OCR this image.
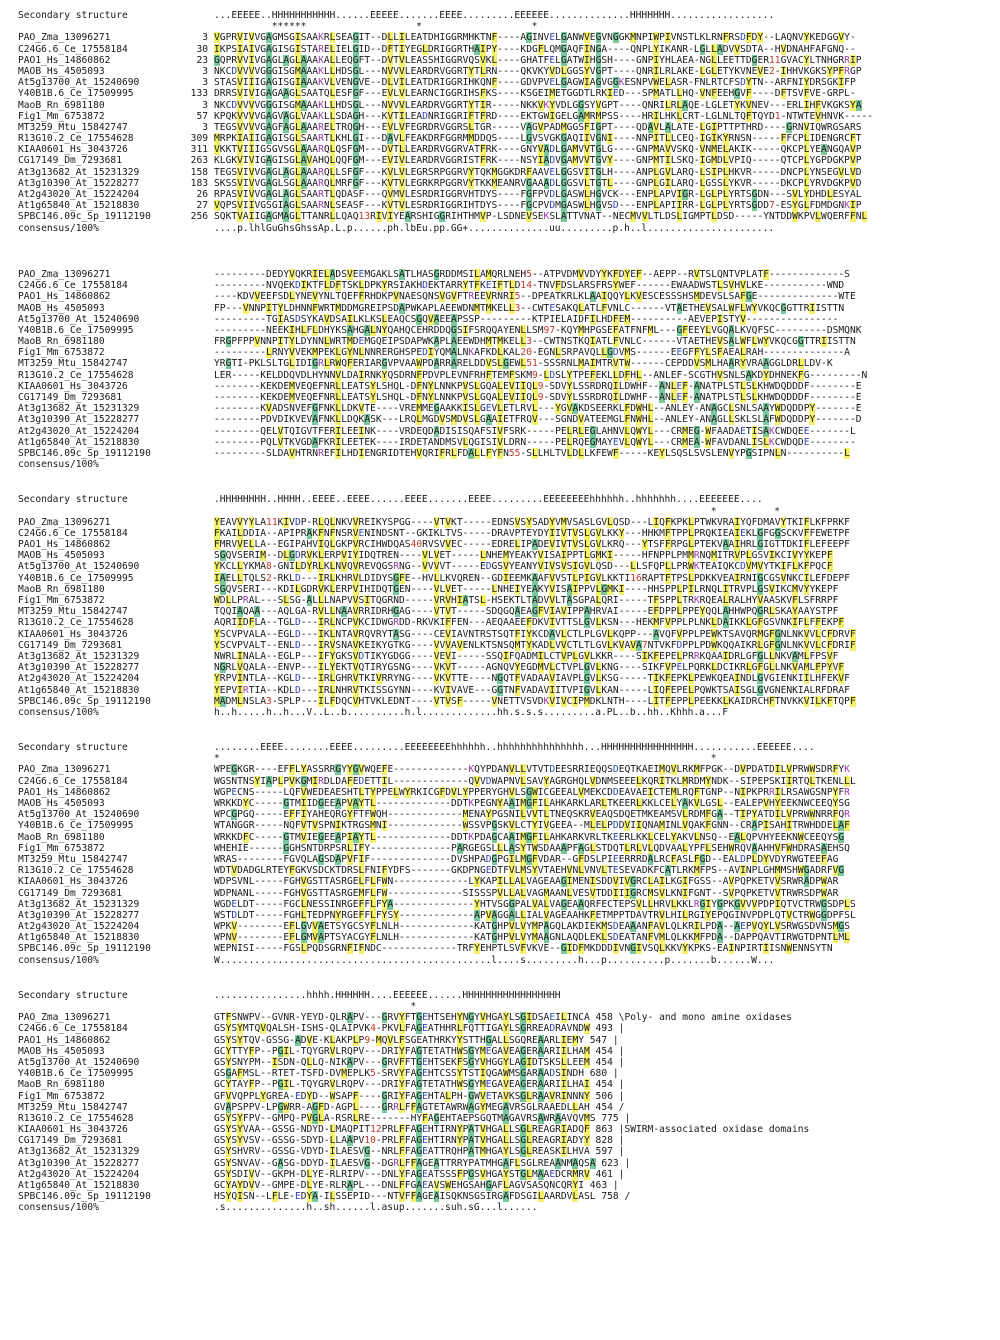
Secondary structure	...EEEEE..HHHHHHHHHHH......EEEEE.......EEEE.........EEEEEE..............HHHHHHH..................
******                   *                   *
PAO_Zma_13096271	3 VGPRVIVVGAGMSGISAAKRLSEAGIT--DLLILEATDHIGGRMHKTNF----AGINVELGANWVEGVNGGKMNPIWPIVNSTLKLRNFRSDFDY--LAQNVYKEDGGVY-
C24G6.6_Ce_17558184	30 IKPSIAIVGAGISGISTARELIELGID--DFTIYEGLDRIGGRTHAIPY----KDGFLQMGAQFINGA----QNPLYIKANR-LGLLADVVSDTA--HVDNAHFAFGNQ--
PAO1_Hs_14860862	23 GQPRVVIVGAGLAGLAAAKALLEQGFT--DVTVLEASSHIGGRVQSVKL----GHATFELGATWIHGSH----GNPIYHLAEA-NGLLEETTDGER11GVACYLTNHGRRIP
MAOB_Hs_4505093	3 NKCDVVVVGGGISGMAAAKLLHDSGL---NVVVLEARDRVGGRTYTLRN----QKVKYVDLGGSYVGPT----QNRILRLAKE-LGLETYKVNEVE2-IHHVKGKSYPFRGP
At5g13700_At_15240690	3 STASVIIIGAGISGIAAAKVLVENGVE--DLVILEATDRIGGRIHKQNF----GDVPVELGAGWIAGVGGKESNPVWELASR-FNLRTCFSDYTN--ARFNIYDRSGKIFP
Y40B1B.6_Ce_17509995	133 DRRSVIVIGAGAAGLSAATQLESFGF---EVLVLEARNCIGGRIHSFKS----KSGEIMETGGDTLRKIED---SPMATLLHQ-VNFEEHGVF----DFTSVFVE-GRPL-
MaoB_Rn_6981180	3 NKCDVVVVGGGISGMAAAKLLHDSGL---NVVVLEARDRVGGRTYTIR-----NKKVKYVDLGGSYVGPT----QNRILRLAQE-LGLETYKVNEV---ERLIHFVKGKSYA
Fig1_Mm_6753872	57 KPQKVVVVGAGVAGLVAAKLLSDAGH---KVTILEADNRIGGRIFTFRD----EKTGWIGELGAMRMPSS----HRILHKLCRT-LGLNLTQFTQYD1-NTWTEVHNVK-----
MT3259_Mtu_15842747	3 TEGSVVVVGAGFAGLAAARELTRQGH---EVLVFEGRDRVGGRSLTGR-----VAGVPADMGGSFIGPT----QDAVLALATE-LGIPTTPTHRD----GRNVIQWRGSARS
R13G10.2_Ce_17554628	309 MRPKIAIIGAGISGLSAARTLKHLGI---DAVLFEAKDRFGGRMMDDQS----LGVSVGKGAQIIVGNI----NNPITLLCEQ-IGIKYRNSN-----FFCPLIDENGRCFT
KIAA0601_Hs_3043726	311 VKKTVIIIGSGVSGLAAARQLQSFGM---DVTLLEARDRVGGRVATFRK----GNYVADLGAMVVTGLG----GNPMAVVSKQ-VNMELAKIK-----QKCPLYEANGQAVP
CG17149_Dm_7293681	263 KLGKVIVIGAGISGLAVAHQLQQFGM---EVIVLEARDRVGGRISTFRK----NSYIADVGAMVVTGVY----GNPMTILSKQ-IGMDLVPIQ-----QTCPLYGPDGKPVP
At3g13682_At_15231329	158 TEGSVIVVGAGLAGLAAARQLLSFGF---KVLVLEGRSRPGGRVYTQKMGGKDRFAAVELGGSVITGLH----ANPLGVLARQ-LSIPLHKVR-----DNCPLYNSEGVLVD
At3g10390_At_15228277	183 SKSSVIVVGAGLSGLAAARQLMRFGF---KVTVLEGRKRPGGRVYTKKMEANRVGAAADLGGSVLTGTL----GNPLGILARQ-LGSSLYKVR-----DKCPLYRVDGKPVD
At2g43020_At_15224204	26 RPASVIVVGAGLAGLSAARTLQDASF---QVMVLESRDRIGGRVHTDYS----FGFPVDLGASWLHGVCK---ENPLAPVIGR-LGLPLYRTSGDN---SVLYDHDLESYAL
At1g65840_At_15218830	27 VQPSVIIVGSGIAGLSAARNLSEASF---KVTVLESRDRIGGRIHTDYS----FGCPVDMGASWLHGVSD---ENPLAPIIRR-LGLPLYRTSGDD7-ESYGLFDMDGNKIP
SPBC146.09c_Sp_19112190	256 SQKTVAIIGAGMAGLTTANRLLQAQ13RIVIYEARSHIGGRIHTHMVP-LSDNEVSEKSLATTVNAT--NECMVVLTLDSLIGMPTLDSD-----YNTDDWKPVLWQERFFNL
consensus/100%	....p.lhlGuGhsGhssAp.L.p......ph.lbEu.pp.GG+..............uu.........p.h..l......................
PAO_Zma_13096271	---------DEDYVQKRIELADSVEEMGAKLSATLHASGRDDMSILAMQRLNEH5--ATPVDMVVDYYKFDYEF--AEPP--RVTSLQNTVPLATF-------------S
C24G6.6_Ce_17558184	---------NVQEKDIKTFLDFTSKLDPKYRSIAKHDEKTARRYTFKEIFTLD14-TNVFDSLARSFRSYWEF------EWAADWSTLSVHVLKE-----------WND
PAO1_Hs_14860862	----KDVVEEFSDLYNEVYNLTQEFFRHDKPVNAESQNSVGVFTREEVRNRI5--DPEATKRLKLAAIQQYLKVESCESSSHSMDEVSLSAFGE--------------WTE
MAOB_Hs_4505093	FP---VNNPITYLDHNNFWRTMDDMGREIPSDAPWKAPLAEEWDNMTMKELL3--CWTESAKQLATLFVNLC------VTAETHEVSALWFLWYVKQCGGTTRIISTTN
At5g13700_At_15240690	---------TGIASDSYKAVDSAILKLKSLEAQCSGQVAEEAPSSP---------KTPIELAIDFILHDFEM----------AEVEPISTYV----------------
Y40B1B.6_Ce_17509995	---------NEEKIHLFLDHYKSAHGALNYQAHQCEHRDDQGSIFSRQQAYENLLSM97-KQYMHPGSEFATFNFML---GFEEYLVGQALKVQFSC---------DSMQNK
MaoB_Rn_6981180	FRGPFPPVNNPITYLDYNNLWRTMDEMGQEIPSDAPWKAPLAEEWDHMTMKELL3--CWTNSTKQIATLFVNLC------VTAETHEVSALWFLWYVKQCGGTTRIISTTN
Fig1_Mm_6753872	---------LRNYVVEKMPEKLGYNLNNRERGHSPEDIYQMALNKAFKDLKAL20-EGNLSRPAVQLLGDVMS------EEGFFYLSFAEALRAH--------------A
MT3259_Mtu_15842747	YRGTI-PKLSLTGLIDIGRLRWQFERIARGVPVAAWPDARRARELDDVSLGEWL51-SSSRNLMAIMTRVTW------CEPDDVSMLHAARYVRAAGGLDRLLDV-K
R13G10.2_Ce_17554628	LER-----KELDDQVDLHYNNVLDAIRNKYQSDRNFPDVPLEVNFRHFTEMFSKM9-LDSLYTPEFEKLLDFHL--ANLEF-SCGTHVSNLSAKDYDHNEKFG---------N
KIAA0601_Hs_3043726	--------KEKDEMVEQEFNRLLEATSYLSHQL-DFNYLNNKPVSLGQALEVIIQL9-SDVYLSSRDRQILDWHF--ANLEF-ANATPLSTLSLKHWDQDDDF--------E
CG17149_Dm_7293681	--------KEKDEMVEQEFNRLLEATSYLSHQL-DFNYLNNKPVSLGQALEVIIQL9-SDVYLSSRDRQILDWHF--ANLEF-ANATPLSTLSLKHWDQDDDF--------E
At3g13682_At_15231329	--------KVADSNVEFGFNKLLDKVTE----VREMMEGAAKKISLGEVLETLRVL---YGVAKDSEERKLFDWHL--ANLEY-ANAGCLSNLSAAYWDQDDPY-------E
At3g10390_At_15228277	--------PDVDIKVEVAFNKLLDQKASK---LRQLMGDVSMDVSLGAAIETFRQV---SGNDVATEEMGLFNWHL--ANLEY-ANAGLLSKLSLAFWDQDDPY-------D
At2g43020_At_15224204	--------QELVTQIGVTFERILEEINK----VRDEQDADISISQAFSIVFSRK-----PELRLEGLAHNVLQWYL---CRMEG-WFAADAETISAKCWDQEE-------L
At1g65840_At_15218830	--------PQLVTKVGDAFKRILEETEK----IRDETANDMSVLQGISIVLDRN-----PELRQEGMAYEVLQWYL---CRMEA-WFAVDANLISLKCWDQDE--------
SPBC146.09c_Sp_19112190	---------SLDAVHTRNREFILHDIENGRIDTEHVQRIFRLFDALLFYFN55-SLLHLTVLDLLKFEWF-----KEYLSQSLSVSLENVYPGSIPNLN----------L
consensus/100%
Secondary structure	.HHHHHHHH..HHHH..EEEE..EEEE......EEEE.......EEEE.........EEEEEEEEhhhhhh..hhhhhhh....EEEEEEE....
*          *
PAO_Zma_13096271	YEAVVYYLA11KIVDP-RLQLNKVVREIKYSPGG----VTVKT-----EDNSVSYSADYVMVSASLGVLQSD---LIQFKPKLPTWKVRAIYQFDMAVYTKIFLKFPRKF
C24G6.6_Ce_17558184	FKAILDDIA--APIPRAKFNFNSRVENINDSNT--GKIKLTVS-----DRAVPTEYDYIIVTVSLGVLKKY---HHKMFTPPLPRQKIEAIEKLGFGGSCKVFFEWETPF
PAO1_Hs_14860862	FMRVVELLA--EGIPAHVIQLGKPVRCIHWDQAS40RVSVVEC-----EDRELIPADEVIVTVSLGVLKRQ---YTSFFRPGLPTEKVAAIHRLGIGTTDKIFLEFEEPF
MAOB_Hs_4505093	SGQVSERIM--DLGDRVKLERPVIYIDQTREN----VLVET-----LNHEMYEAKYVISAIPPTLGMKI-----HFNPPLPMMRNQMITRVPLGSVIKCIVYYKEPF
At5g13700_At_15240690	YKCLLYKMA8-GNILDYRLKLNVQVREVQGSRNG--VVVVT-----EDGSVYEANYVIVSVSIGVLQSD---LLSFQPLLPRWKTEAIQKCDVMVYTKIFLKFPQCF
Y40B1B.6_Ce_17509995	IAELLTQLS2-RKLD---IRLKHRVLDIDYSGFE--HVLLKVQREN--GDIEEMKAAFVVSTLPIGVLKKTI16RAPTFTPSLPDKKVEAIRNIGCGSVNKCILEFDEPF
MaoB_Rn_6981180	SGQVSERI---KDILGDRVKLERPVIHIDQTGEN----VLVET-----LNHEIYEAKYVISAIPPVLGMKI----HHSPPLPILRNQLITRVPLGSVIKCMVYYKEPF
Fig1_Mm_6753872	WDLLPRAL---SLSG-ALLLNAPVVSITQGRND-----VRVHIATSL-HSEKTLTADVVLTASGPALQRI-----TFSPPLTRKRQEALRALHYVAASKVFLSFRRPF
MT3259_Mtu_15842747	TQQIAQAA---AQLGA-RVLLNAAVRRIDRHGAG----VTVT-----SDQGQAEAGFVIAVIPPAHRVAI-----EFDPPLPPEYQQLAHHWPQGRLSKAYAAYSTPF
R13G10.2_Ce_17554628	AQRIIDFLA--TGLD---IRLNCPVKCIDWGRDD-RKVKIFFEN---AEQAAEEFDKVIVTTSLGVLKSN---HEKMFVPPLPLNKLDAIKKLGFGSVNKIFLFFEKPF
KIAA0601_Hs_3043726	YSCVPVALA--EGLD---IKLNTAVRQVRYTASG----CEVIAVNTRSTSQTFIYKCDAVLCTLPLGVLKQPP---AVQFVPPLPEWKTSAVQRMGFGNLNKVVLCFDRVF
CG17149_Dm_7293681	YSCVPVALT--ENLD---IRVSNAVKEIKYGTKG----VVVAVENLKTSNSQMTYKADLVVCTLTLGVLKVAVA7NTVKFDPPLPDWKQQAIKRLGFGNLNKVVLCFDRIF
At3g13682_At_15231329	NWRLINALA--EGLP---IFYGKSVDTIKYGDGG----VEVI-----SSQIFQADMILCTVPLGVLKKR----SIKFEPELPRRKQAAIDRLGFGLLNKVAMLFPSVF
At3g10390_At_15228277	NGRLVQALA--ENVP---ILYEKTVQTIRYGSNG----VKVT-----AGNQVYEGDMVLCTVPLGVLKNG----SIKFVPELPQRKLDCIKRLGFGLLNKVAMLFPYVF
At2g43020_At_15224204	YRPVINTLA--KGLD---IRLGHRVTKIVRRYNG----VKVTTE----NGQTFVADAAVIAVPLGVLKSG-----TIKFEPKLPEWKQEAINDLGVGIENKIILHFEKVF
At1g65840_At_15218830	YEPVIRTIA--KDLD---IRLNHRVTKISSGYNN----KVIVAVE---GGTNFVADAVIITVPIGVLKAN-----LIQFEPELPQWKTSAISGLGVGNENKIALRFDRAF
SPBC146.09c_Sp_19112190	MADMLNSLA3-SPLP---ILFDQCVHTVKLEDNT----VTVSF-----VNETTVSVDKVIVCIPMDKLNTH----LITFEPPLPEEKKLKAIDRCHFTNVKKVILKFTQPF
consensus/100%	h..h.....h..h...V..L..b..........h.l.............hh.s.s.s.........a.PL..b..hh..Khhh.a...F
Secondary structure	........EEEE........EEEE.........EEEEEEEEhhhhhh..hhhhhhhhhhhhhhh...HHHHHHHHHHHHHHHH...........EEEEEE....
*                                                                                     *
PAO_Zma_13096271	WPEGKGR----EFFLYASSRRGYYGVWQEFE-------------KQYPDANVLLVTVTDEESRRIEQQSDEQTKAEIMQVLRKMFPGK--DVPDATDILVPRWWSDRFYK
C24G6.6_Ce_17558184	WGSNTNSYIAPLPVKGMIRDLDAFEDETTIL-------------QVVDWAPNVLSAVYAGRGHQLVDNMSEEELKQRITKLMRDMYNDK--SIPEPSKIIRTQLTKENLLL
PAO1_Hs_14860862	WGPECNS-----LQFVWEDEAESHTLTYPPELWYRKICGFDVLYPPERYGHVLSGWICGEEALVMEKCDDEAVAEICTEMLRQFTGNP--NIPKPRRILRSAWGSNPYFR
MAOB_Hs_4505093	WRKKDYC-----GTMIIDGEEAPVAYTL-------------DDTKPEGNYAAIMGFILAHKARKLARLTKEERLKKLCELYAKVLGSL--EALEPVHYEEKNWCEEQYSG
At5g13700_At_15240690	WPCGPGQ-----EFFIYAHEQRGYFTFWQH-------------MENAYPGSNILVVTLTNEQSKRVEAQSDQETMKEAMSVLRDMFGA--TIPYATDILVPRWWNRRFQR
Y40B1B.6_Ce_17509995	WTANGGR-----NQFVTVSPNIKTRGSMNI-------------WSSVPGSKVLCTYIVGEEA--MLELPDDVIIQNAMINLVQAKFGNN--CRAPISAHITRWHDDELAF
MaoB_Rn_6981180	WRKKDFC-----GTMVIEGEEAPIAYTL-------------DDTKPDAGCAAIMGFILAHKARKVRLTKEERLKKLCELYAKVLNSQ--EALQPVHYEEKNWCEEQYSG
Fig1_Mm_6753872	WHEHIE------GGHSNTDRPSRLIFY--------------PARGEGSLLLASYTWSDAAAPFAGLSTDQTLRLVLQDVAALYPFLSEHWRQVAAHHVFWHDRASAEHSQ
MT3259_Mtu_15842747	WRAS--------FGVQLAGSDAPVFIF--------------DVSHPADGPGILMGFVDAR--GFDSLPIEERRRDALRCFASLFGD--EALDPLDYVDYRWGTEEFAG
R13G10.2_Ce_17554628	WDTVDADGLRTEYFGKVSDCKTDRSLFNIFYDFS-------GKDPNGEDTFVLMSYVTAEHVNLVNVLTESEVADKFCATLRKMFPS--AVINPLGHMMSHWGADRFVG
KIAA0601_Hs_3043726	WDPSVNL-----FGHVGSTTASRGELFLFWN-------------LYKAPILLALVAGEAAGIMENISDDVIVGRCLAILKGIFGSS--AVPQPKETVVSRWRADPWAR
CG17149_Dm_7293681	WDPNANL-----FGHVGSTTASRGEMFLFW-------------SISSSPVLLALVAGMAANLVESVTDDIIIGRCMSVLKNIFGNT--SVPQPKETVVTRWRSDPWAR
At3g13682_At_15231329	WGDELDT-----FGCLNESSINRGEFFLFYA--------------YHTVSGGPALVALVAGEAAQRFECTEPSVLLHRVLKKLRGIYGPKGVVVPDPIQTVCTRWGSDPLS
At3g10390_At_15228277	WSTDLDT-----FGHLTEDPNYRGEFFLFYSY-------------APVAGGALLIALVAGEAAHKFETMPPTDAVTRVLHILRGIYEPQGINVPDPLQTVCTRWGGDPFSL
At2g43020_At_15224204	WPKV--------EFLGVVAETSYGCSYFLNLH-------------KATGHPVLVYMPAGQLAKDIEKMSDEAAANFAVLQLKRILPDA--AEPVQYLVSRWGSDVNSMGS
At1g65840_At_15218830	WPNV--------EFLGMVAPTSYACGYFLNLH-------------KATGHPVLVYMAAGNLAQDLEKLSDEATANFVMLQLKKMFPDA--DAPPQAVTIRWGTDPNTLML
SPBC146.09c_Sp_19112190	WEPNISI-----FGSLPQDSGRNFIFNDC-------------TRFYEHPTLSVFVKVE--GIDFMKDDDIVNGIVSQLKKVYKPKS-EAINPIRTIISNWENNSYTN
consensus/100%	W...............................................l....s.........h...p..........p.......b......W...
Secondary structure	................hhhh.HHHHHH....EEEEEE......HHHHHHHHHHHHHHHHH
*
PAO_Zma_13096271	GTFSNWPV--GVNR-YEYD-QLRAPV---GRVYFTGEHTSEHYNGYVHGAYLSGIDSAEILINCA 458 \Poly- and mono amine oxidases
C24G6.6_Ce_17558184	GSYSYMTQVQALSH-ISHS-QLAIPVK4-PKVLFAGEATHHRLFQTTIGAYLSGRREADRAVNDW 493 |
PAO1_Hs_14860862	GSYSYTQV-GSSG-ADVE-KLAKPLP9-MQVLFSGEATHRKYYSTTHGALLSGQREAARLIEMY 547 |
MAOB_Hs_4505093	GCYTTYFP--PGIL-TQYGRVLRQPV---DRIYFAGTETATHWSGYMEGAVEAGERAARIILHAM 454 |
At5g13700_At_15240690	GSYSNYPM--ISDN-QLLQ-NIKAPV---GRVFFTGEHTSEKFSGYVHGGYLAGIDTSKSLLEEM 454 |
Y40B1B.6_Ce_17509995	GSGAFMSL--RTET-TSFD-DVMEPLK5-SRVYFAGEHTCSSYTSTIQGAWMSGARAADSINDH 680 |
MaoB_Rn_6981180	GCYTAYFP--PGIL-TQYGRVLRQPV---DRIYFAGTETATHWSGYMEGAVEAGERAARIILHAI 454 |
Fig1_Mm_6753872	GFVVQPPLYGREA-EDYD--WSAPF----GRIYFAGEHTALPH-GWVETAVKSGLRAAVRINNNY 506 |
MT3259_Mtu_15842747	GVAPSPPV-LPGWRR-AGFD-AGPL----GRRLFFAGTETAWRWAGYMEGAVRSGLRAAEDLLAH 454 /
R13G10.2_Ce_17554628	GSYSYFPV--GMPQ-PVGLA-RSRLRE-------HYFAGEHTAEPSGQTMAGAVRSAWRAAVQVMS 775 |
KIAA0601_Hs_3043726	GSYSYVAA--GSSG-NDYD-LMAQPIT12PRLFFAGEHTIRNYPATVHGALLSGLREAGRIADQF 863 |SWIRM-associated oxidase domains
CG17149_Dm_7293681	GSYSYVSV--GSSG-SDYD-LLAAPV10-PRLFFAGEHTIRNYPATVHGALLSGLREAGRIADYY 828 |
At3g13682_At_15231329	GSYSHVRV--GSSG-VDYD-ILAESVG--NRLFFAGEATTRQHPATMHGAYLSGLREASKILHVA 597 |
At3g10390_At_15228277	GSYSNVAV--GASG-DDYD-ILAESVG--DGRLFFAGEATTRRYPATMHGAFLSGLREAANMAQSA 623 |
At2g43020_At_15224204	GSYSDIVV--GKPH-DLYE-RLRIPV---DNLYFAGEATSSSFPGSVHGAYSTGLMAAEDCRMRV 461 |
At1g65840_At_15218830	GCYAYDVV--GMPE-DLYE-RLRAPL---DNLFFGAEAVSWEHGSAHGAFLAGVSASQNCQRYI 463 |
SPBC146.09c_Sp_19112190	HSYQISN--LFLE-EDYA-ILSSEPID---NTVFFAGEAISQKNSGSIRGAFDSGILAARDVLASL 758 /
consensus/100%	.s..............h..sh......l.asup.......suh.sG...l......
